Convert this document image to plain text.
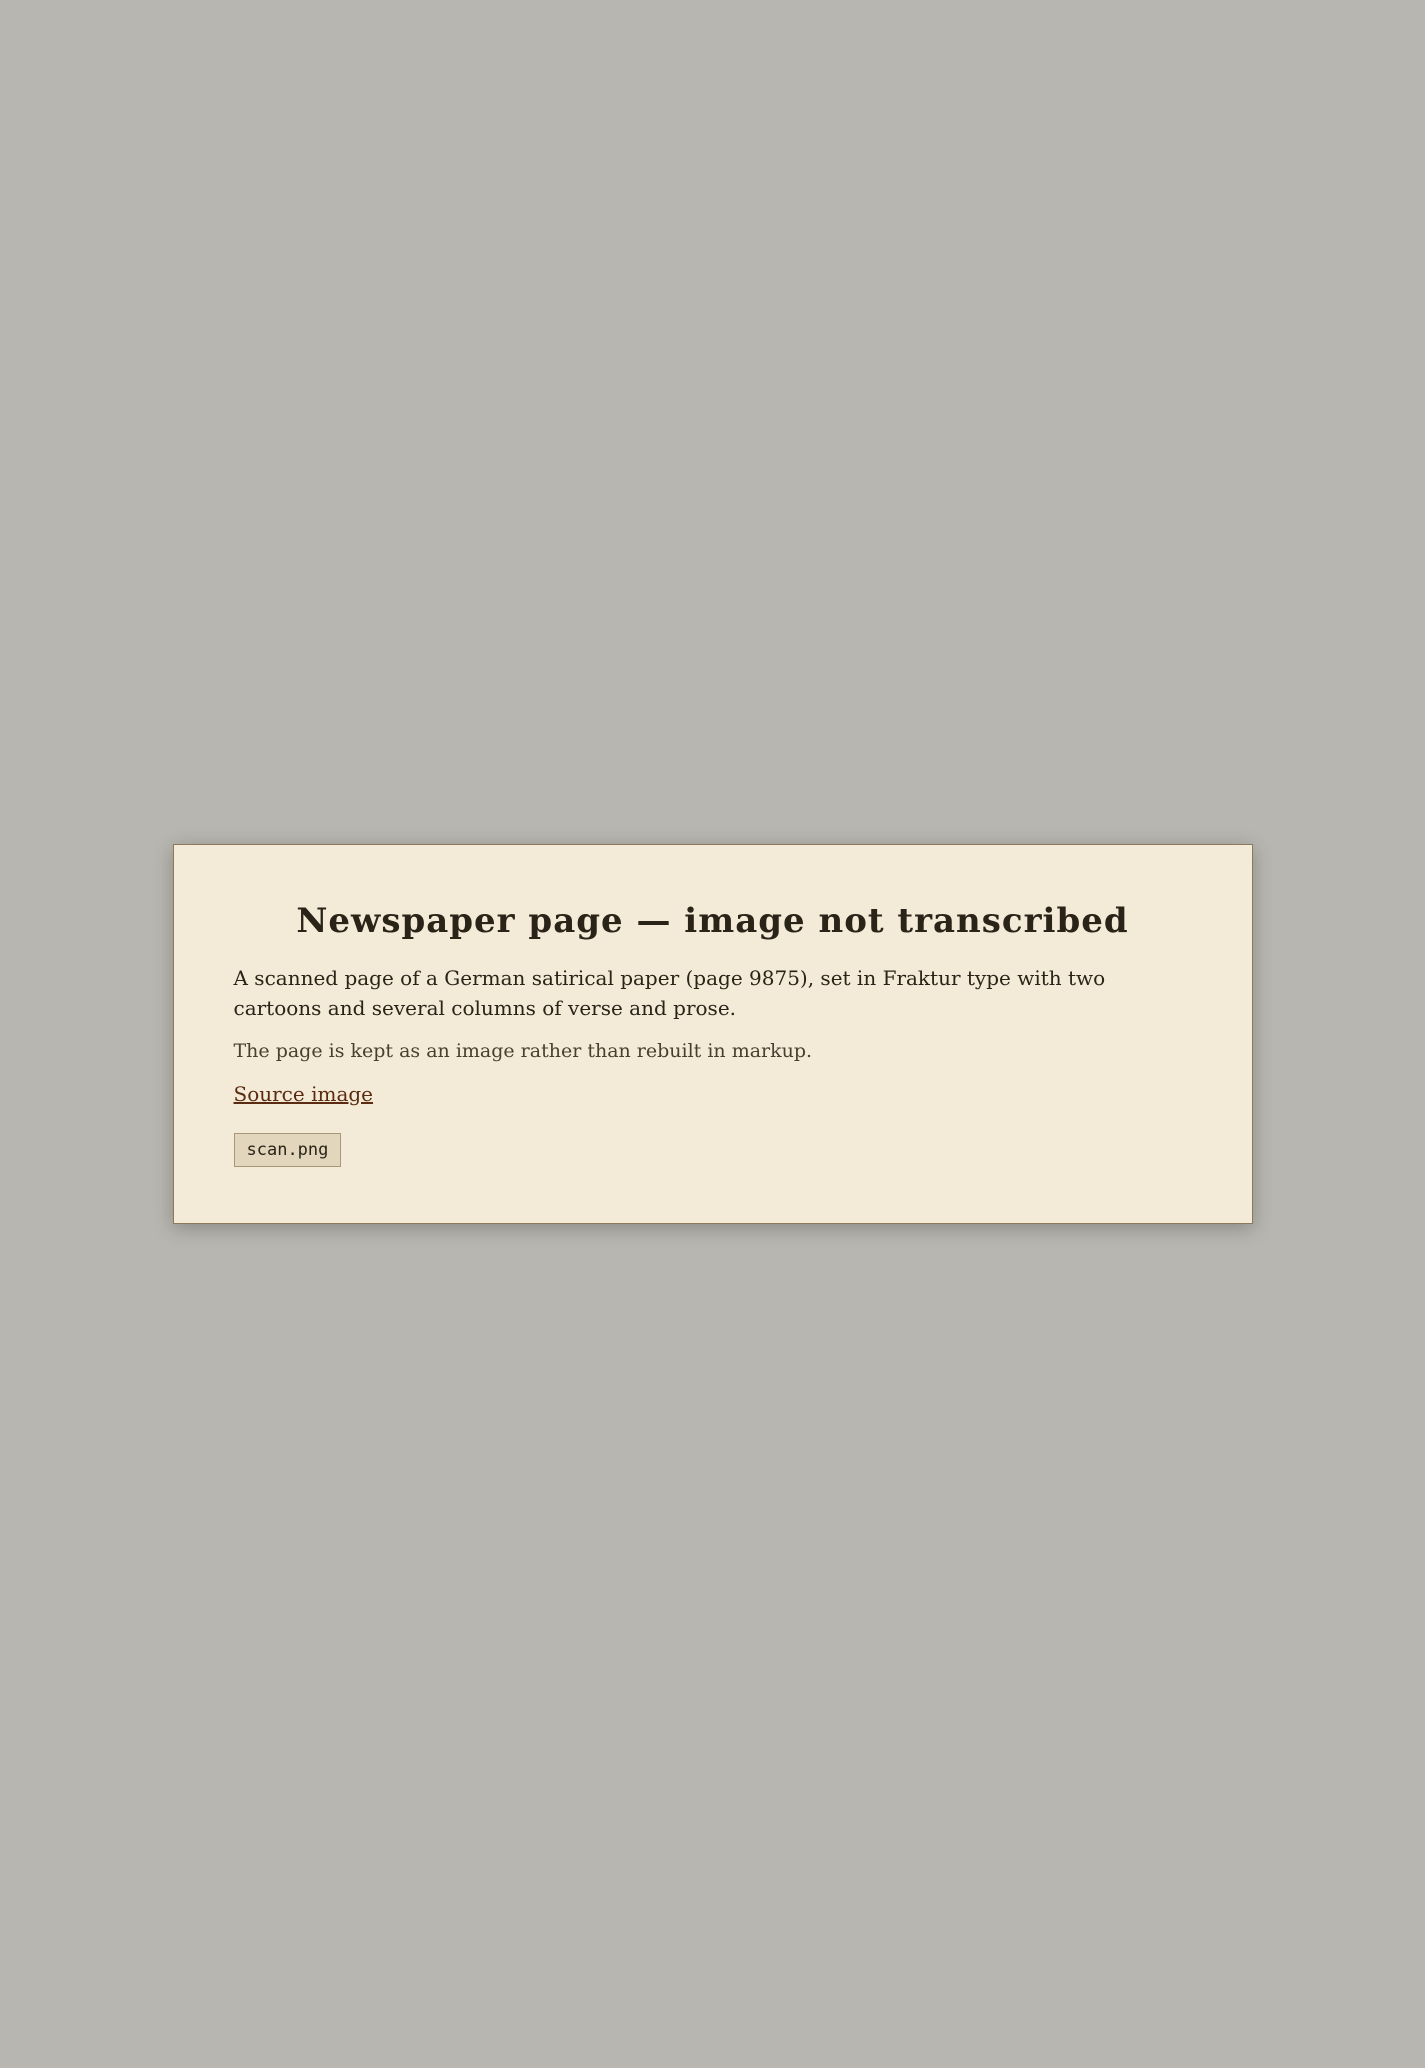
Newspaper page — image not transcribed

A scanned page of a German satirical paper (page 9875), set in Fraktur type with two cartoons and several columns of verse and prose.

The page is kept as an image rather than rebuilt in markup.

Source image

scan.png
